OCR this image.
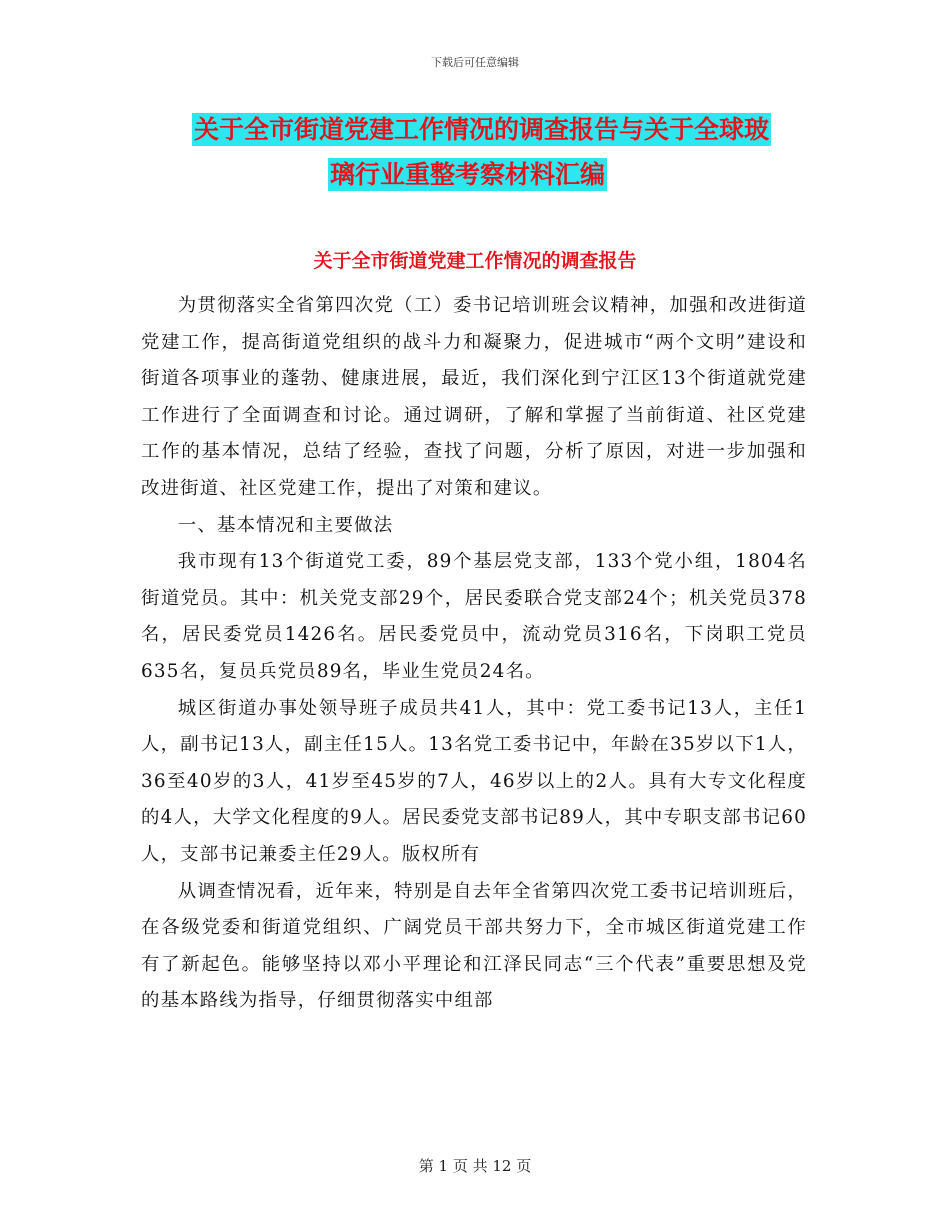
下载后可任意编辑
关于全市街道党建工作情况的调查报告与关于全球玻
璃行业重整考察材料汇编
关于全市街道党建工作情况的调查报告

为贯彻落实全省第四次党（工）委书记培训班会议精神，加强和改进街道党建工作，提高街道党组织的战斗力和凝聚力，促进城市“两个文明”建设和街道各项事业的蓬勃、健康进展，最近，我们深化到宁江区13个街道就党建工作进行了全面调查和讨论。通过调研，了解和掌握了当前街道、社区党建工作的基本情况，总结了经验，查找了问题，分析了原因，对进一步加强和改进街道、社区党建工作，提出了对策和建议。

一、基本情况和主要做法

我市现有13个街道党工委，89个基层党支部，133个党小组，1804名街道党员。其中：机关党支部29个，居民委联合党支部24个；机关党员378名，居民委党员1426名。居民委党员中，流动党员316名，下岗职工党员635名，复员兵党员89名，毕业生党员24名。

城区街道办事处领导班子成员共41人，其中：党工委书记13人，主任1人，副书记13人，副主任15人。13名党工委书记中，年龄在35岁以下1人，36至40岁的3人，41岁至45岁的7人，46岁以上的2人。具有大专文化程度的4人，大学文化程度的9人。居民委党支部书记89人，其中专职支部书记60人，支部书记兼委主任29人。版权所有

从调查情况看，近年来，特别是自去年全省第四次党工委书记培训班后，在各级党委和街道党组织、广阔党员干部共努力下，全市城区街道党建工作有了新起色。能够坚持以邓小平理论和江泽民同志“三个代表”重要思想及党的基本路线为指导，仔细贯彻落实中组部

第 1 页 共 12 页
